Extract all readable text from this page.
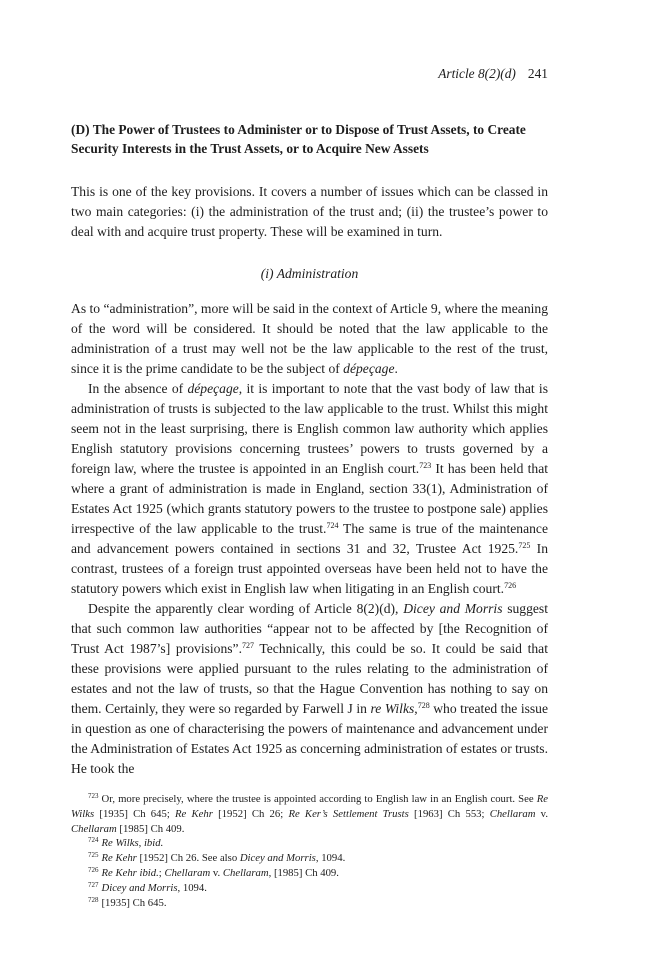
Article 8(2)(d) 241
(D) The Power of Trustees to Administer or to Dispose of Trust Assets, to Create Security Interests in the Trust Assets, or to Acquire New Assets

This is one of the key provisions. It covers a number of issues which can be classed in two main categories: (i) the administration of the trust and; (ii) the trustee’s power to deal with and acquire trust property. These will be examined in turn.

(i) Administration

As to “administration”, more will be said in the context of Article 9, where the meaning of the word will be considered. It should be noted that the law applicable to the administration of a trust may well not be the law applicable to the rest of the trust, since it is the prime candidate to be the subject of dépeçage.

In the absence of dépeçage, it is important to note that the vast body of law that is administration of trusts is subjected to the law applicable to the trust. Whilst this might seem not in the least surprising, there is English common law authority which applies English statutory provisions concerning trustees’ powers to trusts governed by a foreign law, where the trustee is appointed in an English court.$^{723}$ It has been held that where a grant of administration is made in England, section 33(1), Administration of Estates Act 1925 (which grants statutory powers to the trustee to postpone sale) applies irrespective of the law applicable to the trust.$^{724}$ The same is true of the maintenance and advancement powers contained in sections 31 and 32, Trustee Act 1925.$^{725}$ In contrast, trustees of a foreign trust appointed overseas have been held not to have the statutory powers which exist in English law when litigating in an English court.$^{726}$

Despite the apparently clear wording of Article 8(2)(d), Dicey and Morris suggest that such common law authorities “appear not to be affected by [the Recognition of Trust Act 1987’s] provisions”.$^{727}$ Technically, this could be so. It could be said that these provisions were applied pursuant to the rules relating to the administration of estates and not the law of trusts, so that the Hague Convention has nothing to say on them. Certainly, they were so regarded by Farwell J in re Wilks,$^{728}$ who treated the issue in question as one of characterising the powers of maintenance and advancement under the Administration of Estates Act 1925 as concerning administration of estates or trusts. He took the

$^{723}$ Or, more precisely, where the trustee is appointed according to English law in an English court. See Re Wilks [1935] Ch 645; Re Kehr [1952] Ch 26; Re Ker’s Settlement Trusts [1963] Ch 553; Chellaram v. Chellaram [1985] Ch 409.
$^{724}$ Re Wilks, ibid.
$^{725}$ Re Kehr [1952] Ch 26. See also Dicey and Morris, 1094.
$^{726}$ Re Kehr ibid.; Chellaram v. Chellaram, [1985] Ch 409.
$^{727}$ Dicey and Morris, 1094.
$^{728}$ [1935] Ch 645.
